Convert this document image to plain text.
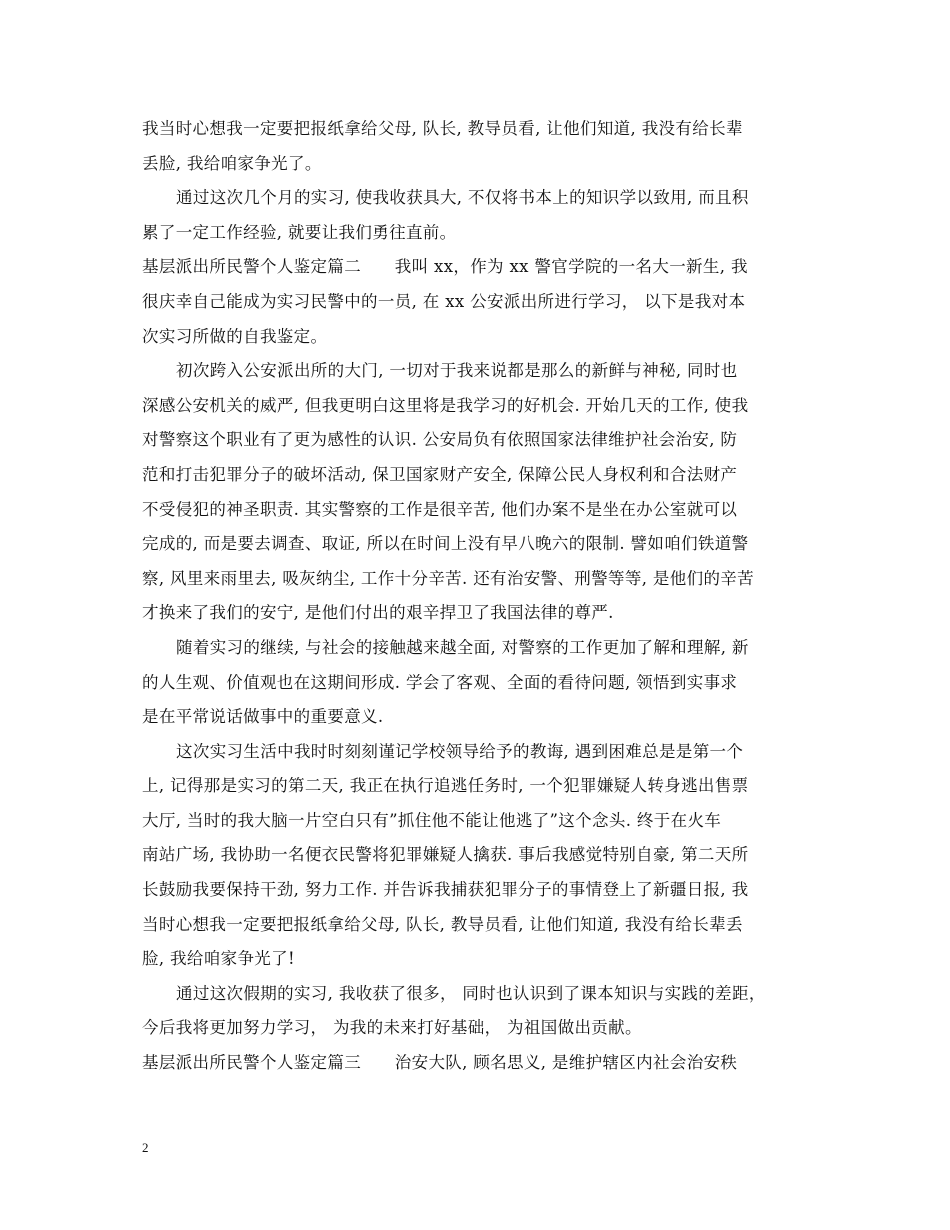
我当时心想我一定要把报纸拿给父母, 队长, 教导员看, 让他们知道, 我没有给长辈
丢脸, 我给咱家争光了。
通过这次几个月的实习, 使我收获具大, 不仅将书本上的知识学以致用, 而且积
累了一定工作经验, 就要让我们勇往直前。
基层派出所民警个人鉴定篇二　　我叫 xx，作为 xx 警官学院的一名大一新生, 我
很庆幸自己能成为实习民警中的一员, 在 xx 公安派出所进行学习， 以下是我对本
次实习所做的自我鉴定。
初次跨入公安派出所的大门, 一切对于我来说都是那么的新鲜与神秘, 同时也
深感公安机关的威严, 但我更明白这里将是我学习的好机会. 开始几天的工作, 使我
对警察这个职业有了更为感性的认识. 公安局负有依照国家法律维护社会治安, 防
范和打击犯罪分子的破坏活动, 保卫国家财产安全, 保障公民人身权利和合法财产
不受侵犯的神圣职责. 其实警察的工作是很辛苦, 他们办案不是坐在办公室就可以
完成的, 而是要去调查、取证, 所以在时间上没有早八晚六的限制. 譬如咱们铁道警
察, 风里来雨里去, 吸灰纳尘, 工作十分辛苦. 还有治安警、刑警等等, 是他们的辛苦
才换来了我们的安宁, 是他们付出的艰辛捍卫了我国法律的尊严.
随着实习的继续, 与社会的接触越来越全面, 对警察的工作更加了解和理解, 新
的人生观、价值观也在这期间形成. 学会了客观、全面的看待问题, 领悟到实事求
是在平常说话做事中的重要意义.
这次实习生活中我时时刻刻谨记学校领导给予的教诲, 遇到困难总是是第一个
上, 记得那是实习的第二天, 我正在执行追逃任务时, 一个犯罪嫌疑人转身逃出售票
大厅, 当时的我大脑一片空白只有”抓住他不能让他逃了”这个念头. 终于在火车
南站广场, 我协助一名便衣民警将犯罪嫌疑人擒获. 事后我感觉特别自豪, 第二天所
长鼓励我要保持干劲, 努力工作. 并告诉我捕获犯罪分子的事情登上了新疆日报, 我
当时心想我一定要把报纸拿给父母, 队长, 教导员看, 让他们知道, 我没有给长辈丢
脸, 我给咱家争光了!
通过这次假期的实习, 我收获了很多， 同时也认识到了课本知识与实践的差距，
今后我将更加努力学习， 为我的未来打好基础， 为祖国做出贡献。
基层派出所民警个人鉴定篇三　　治安大队, 顾名思义, 是维护辖区内社会治安秩
2
